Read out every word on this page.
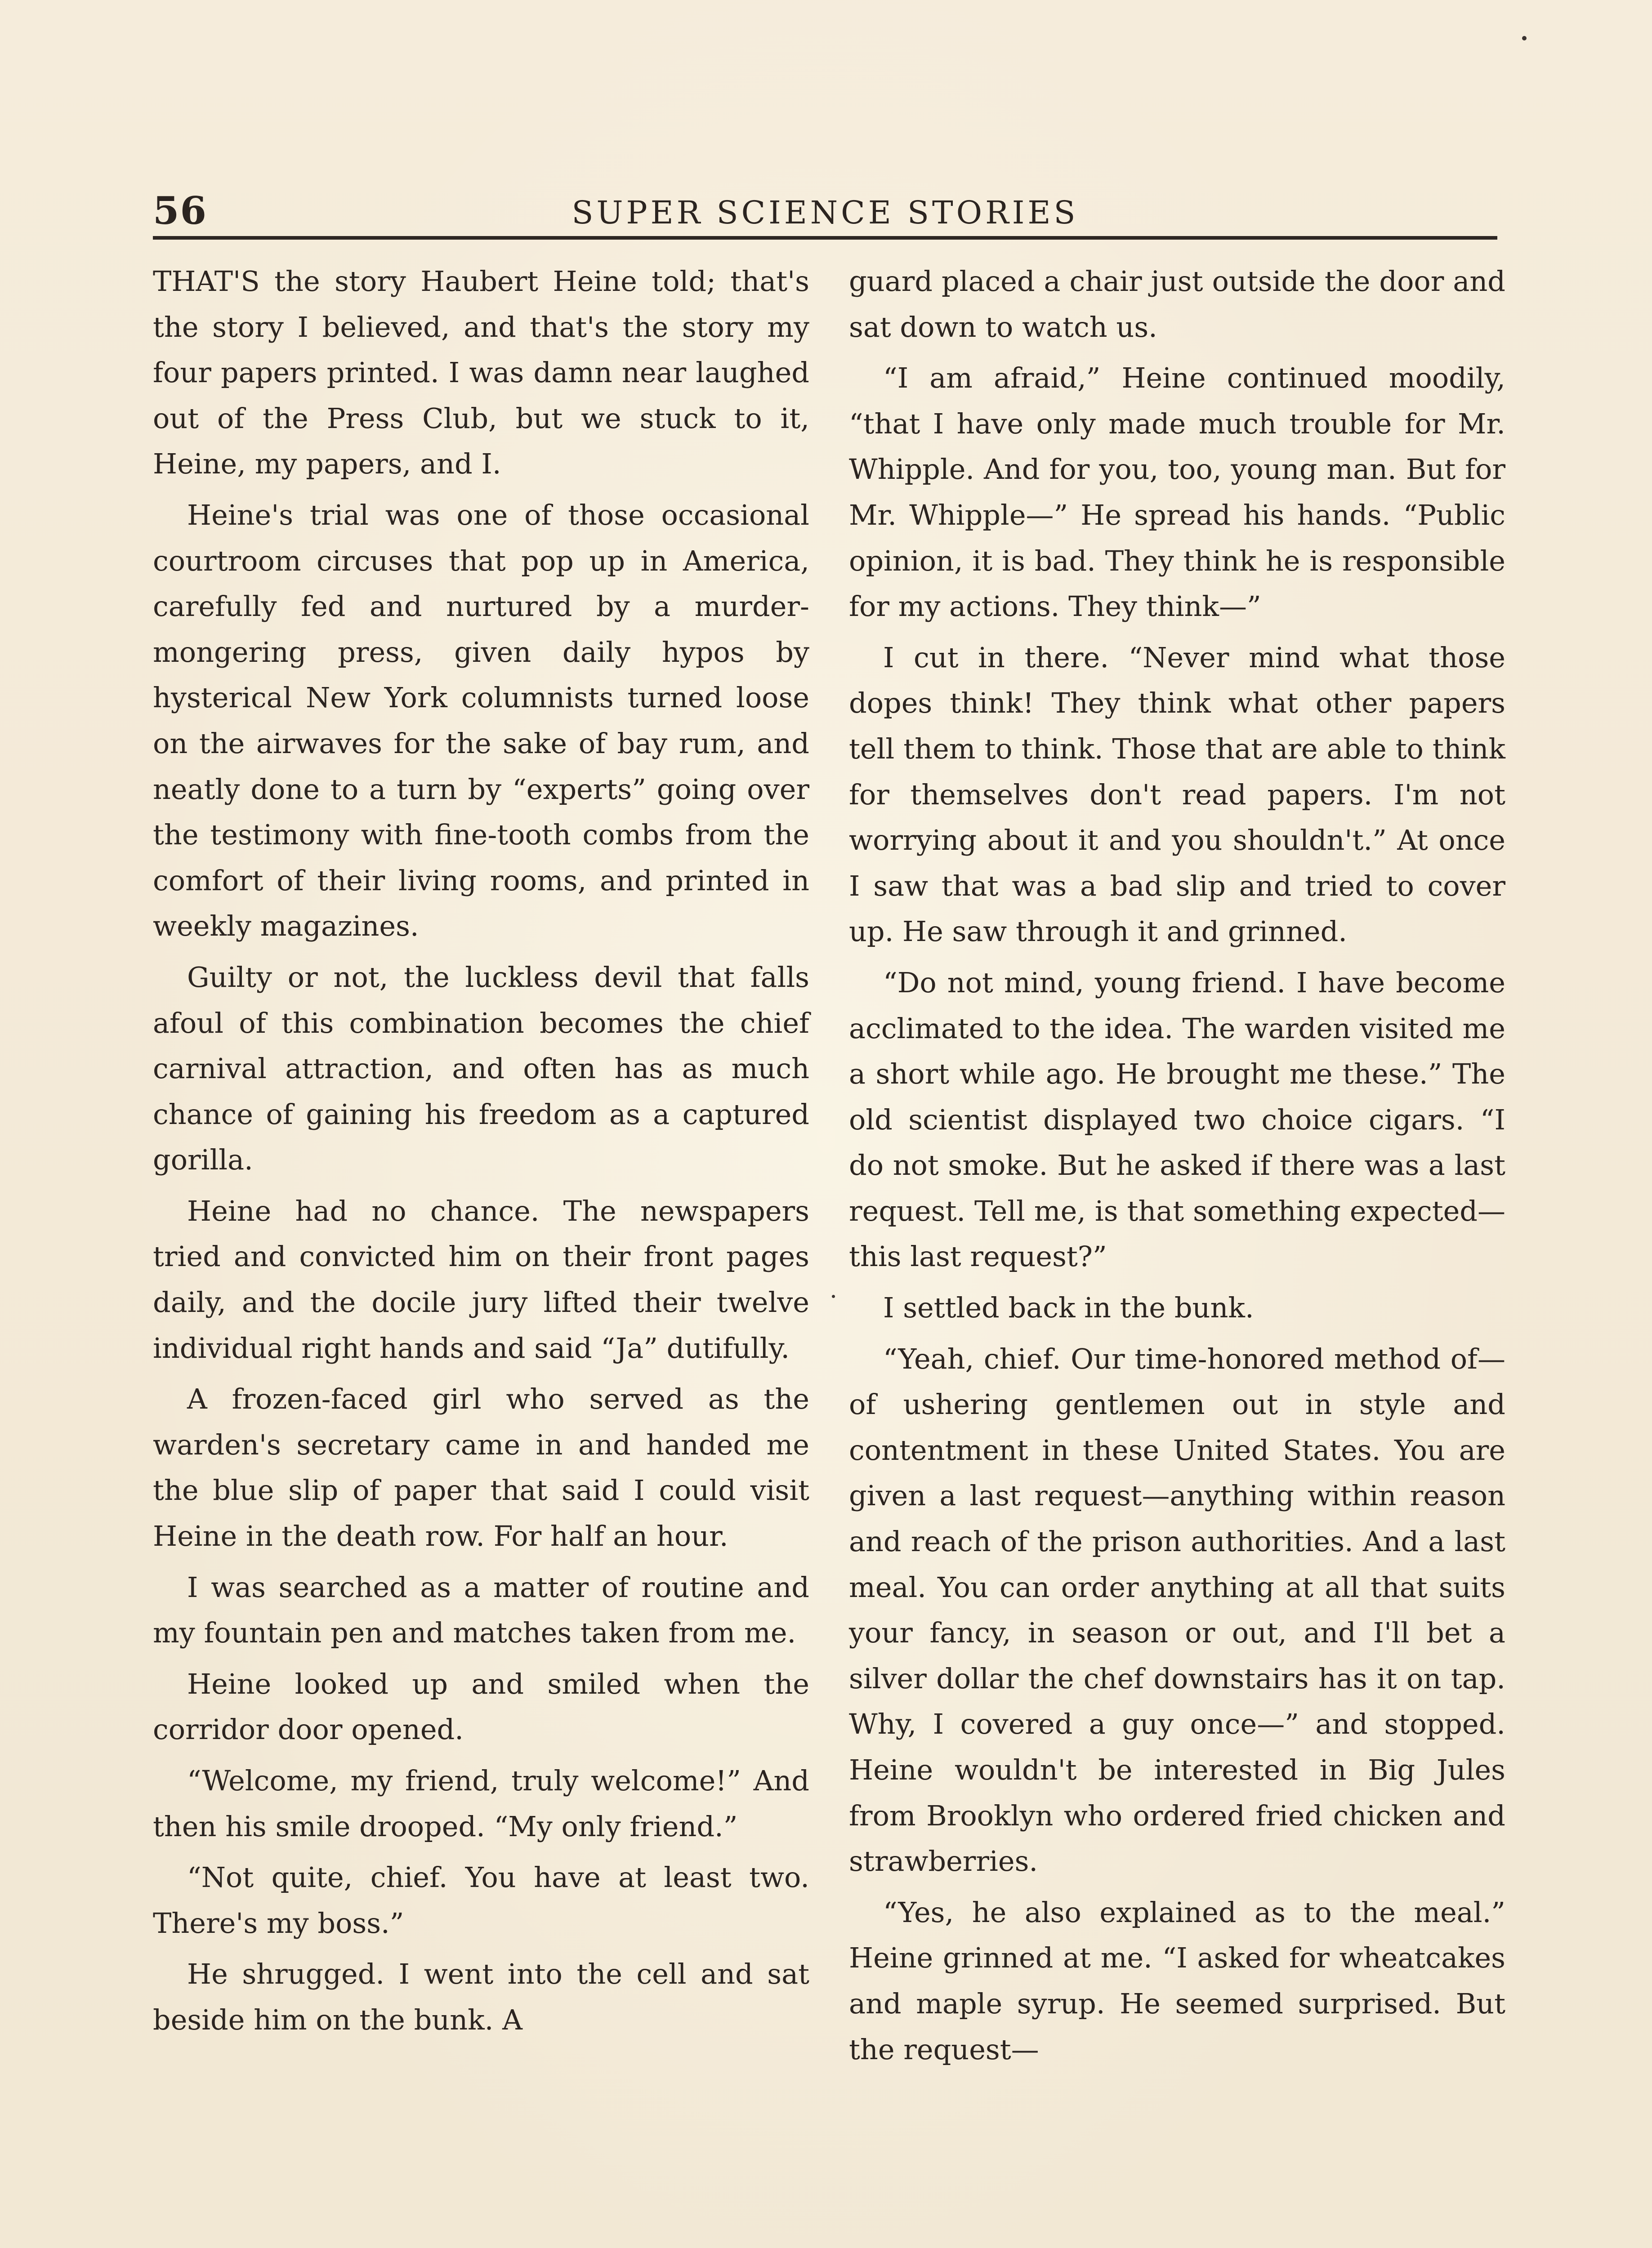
56	SUPER SCIENCE STORIES

THAT'S the story Haubert Heine told; that's the story I believed, and that's the story my four papers printed. I was damn near laughed out of the Press Club, but we stuck to it, Heine, my papers, and I.

Heine's trial was one of those occasional courtroom circuses that pop up in America, carefully fed and nurtured by a murder-mongering press, given daily hypos by hysterical New York columnists turned loose on the airwaves for the sake of bay rum, and neatly done to a turn by “experts” going over the testimony with fine-tooth combs from the comfort of their living rooms, and printed in weekly magazines.

Guilty or not, the luckless devil that falls afoul of this combination becomes the chief carnival attraction, and often has as much chance of gaining his freedom as a captured gorilla.

Heine had no chance. The newspapers tried and convicted him on their front pages daily, and the docile jury lifted their twelve individual right hands and said “Ja” dutifully.

A frozen-faced girl who served as the warden's secretary came in and handed me the blue slip of paper that said I could visit Heine in the death row. For half an hour.

I was searched as a matter of routine and my fountain pen and matches taken from me.

Heine looked up and smiled when the corridor door opened.

“Welcome, my friend, truly welcome!” And then his smile drooped. “My only friend.”

“Not quite, chief. You have at least two. There's my boss.”

He shrugged. I went into the cell and sat beside him on the bunk. A

guard placed a chair just outside the door and sat down to watch us.

“I am afraid,” Heine continued moodily, “that I have only made much trouble for Mr. Whipple. And for you, too, young man. But for Mr. Whipple—” He spread his hands. “Public opinion, it is bad. They think he is responsible for my actions. They think—”

I cut in there. “Never mind what those dopes think! They think what other papers tell them to think. Those that are able to think for themselves don't read papers. I'm not worrying about it and you shouldn't.” At once I saw that was a bad slip and tried to cover up. He saw through it and grinned.

“Do not mind, young friend. I have become acclimated to the idea. The warden visited me a short while ago. He brought me these.” The old scientist displayed two choice cigars. “I do not smoke. But he asked if there was a last request. Tell me, is that something expected—this last request?”

I settled back in the bunk.

“Yeah, chief. Our time-honored method of—of ushering gentlemen out in style and contentment in these United States. You are given a last request—anything within reason and reach of the prison authorities. And a last meal. You can order anything at all that suits your fancy, in season or out, and I'll bet a silver dollar the chef downstairs has it on tap. Why, I covered a guy once—” and stopped. Heine wouldn't be interested in Big Jules from Brooklyn who ordered fried chicken and strawberries.

“Yes, he also explained as to the meal.” Heine grinned at me. “I asked for wheatcakes and maple syrup. He seemed surprised. But the request—
